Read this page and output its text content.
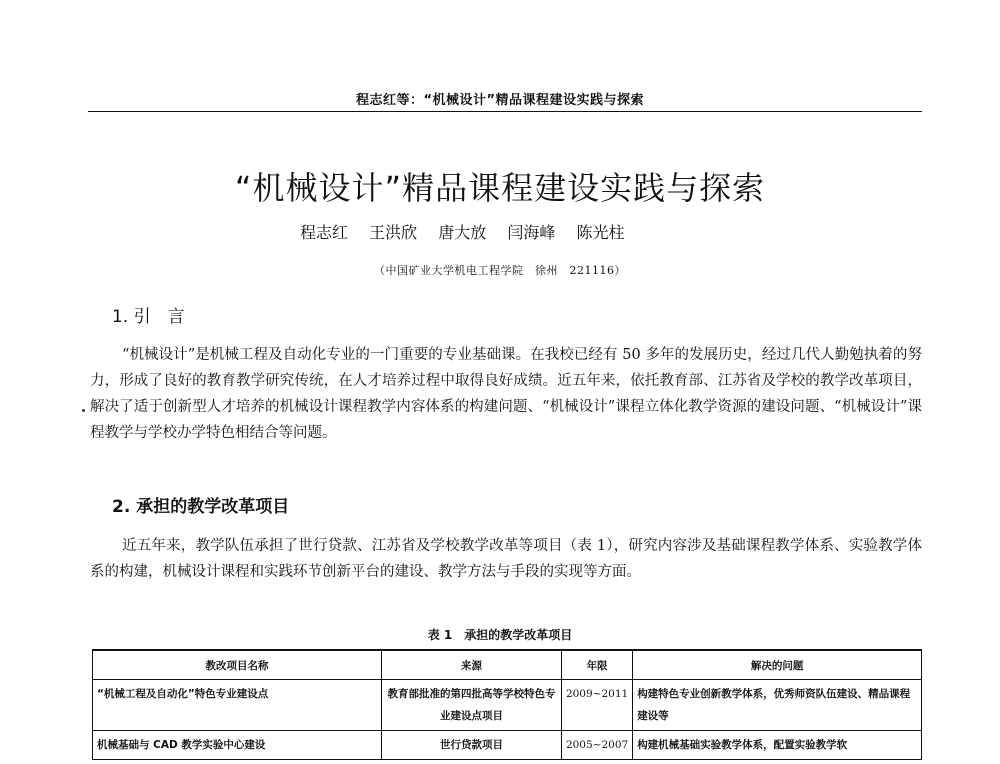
程志红等：“机械设计”精品课程建设实践与探索
“机械设计”精品课程建设实践与探索
程志红 王洪欣 唐大放 闫海峰 陈光柱
（中国矿业大学机电工程学院　徐州　221116）
1. 引　言

“机械设计”是机械工程及自动化专业的一门重要的专业基础课。在我校已经有 50 多年的发展历史，经过几代人勤勉执着的努力，形成了良好的教育教学研究传统，在人才培养过程中取得良好成绩。近五年来，依托教育部、江苏省及学校的教学改革项目，解决了适于创新型人才培养的机械设计课程教学内容体系的构建问题、“机械设计”课程立体化教学资源的建设问题、“机械设计”课程教学与学校办学特色相结合等问题。

2. 承担的教学改革项目

近五年来，教学队伍承担了世行贷款、江苏省及学校教学改革等项目（表 1），研究内容涉及基础课程教学体系、实验教学体系的构建，机械设计课程和实践环节创新平台的建设、教学方法与手段的实现等方面。

表 1　承担的教学改革项目
教改项目名称	来源	年限	解决的问题
“机械工程及自动化”特色专业建设点	教育部批准的第四批高等学校特色专业建设点项目	2009~2011	构建特色专业创新教学体系，优秀师资队伍建设、精品课程建设等
机械基础与 CAD 教学实验中心建设	世行贷款项目	2005~2007	构建机械基础实验教学体系，配置实验教学软
